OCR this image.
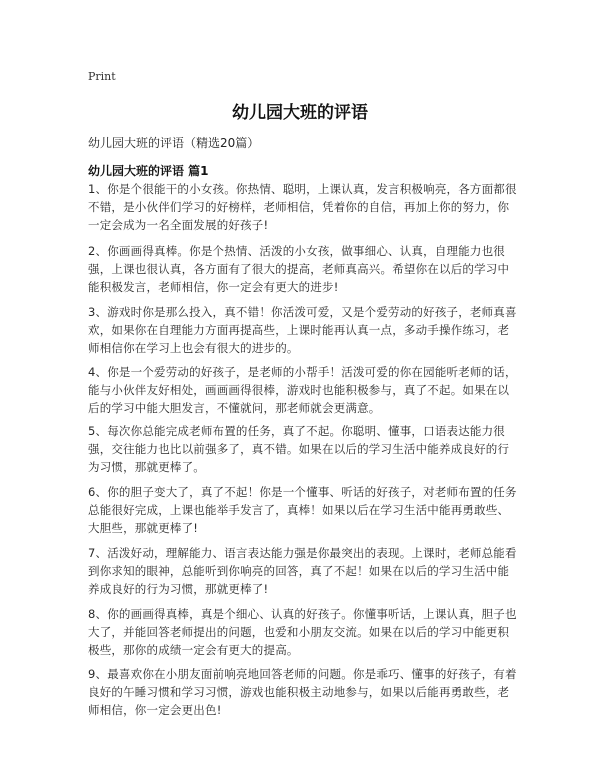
Print
幼儿园大班的评语
幼儿园大班的评语（精选20篇）
幼儿园大班的评语 篇1

1、你是个很能干的小女孩。你热情、聪明，上课认真，发言积极响亮，各方面都很不错，是小伙伴们学习的好榜样，老师相信，凭着你的自信，再加上你的努力，你一定会成为一名全面发展的好孩子!

2、你画画得真棒。你是个热情、活泼的小女孩，做事细心、认真，自理能力也很强，上课也很认真，各方面有了很大的提高，老师真高兴。希望你在以后的学习中能积极发言，老师相信，你一定会有更大的进步!

3、游戏时你是那么投入，真不错！你活泼可爱，又是个爱劳动的好孩子，老师真喜欢，如果你在自理能力方面再提高些，上课时能再认真一点，多动手操作练习，老师相信你在学习上也会有很大的进步的。

4、你是一个爱劳动的好孩子，是老师的小帮手！活泼可爱的你在园能听老师的话，能与小伙伴友好相处，画画画得很棒，游戏时也能积极参与，真了不起。如果在以后的学习中能大胆发言，不懂就问，那老师就会更满意。

5、每次你总能完成老师布置的任务，真了不起。你聪明、懂事，口语表达能力很强，交往能力也比以前强多了，真不错。如果在以后的学习生活中能养成良好的行为习惯，那就更棒了。

6、你的胆子变大了，真了不起！你是一个懂事、听话的好孩子，对老师布置的任务总能很好完成，上课也能举手发言了，真棒！如果以后在学习生活中能再勇敢些、大胆些，那就更棒了!

7、活泼好动，理解能力、语言表达能力强是你最突出的表现。上课时，老师总能看到你求知的眼神，总能听到你响亮的回答，真了不起！如果在以后的学习生活中能养成良好的行为习惯，那就更棒了!

8、你的画画得真棒，真是个细心、认真的好孩子。你懂事听话，上课认真，胆子也大了，并能回答老师提出的问题，也爱和小朋友交流。如果在以后的学习中能更积极些，那你的成绩一定会有更大的提高。

9、最喜欢你在小朋友面前响亮地回答老师的问题。你是乖巧、懂事的好孩子，有着良好的午睡习惯和学习习惯，游戏也能积极主动地参与，如果以后能再勇敢些，老师相信，你一定会更出色!
